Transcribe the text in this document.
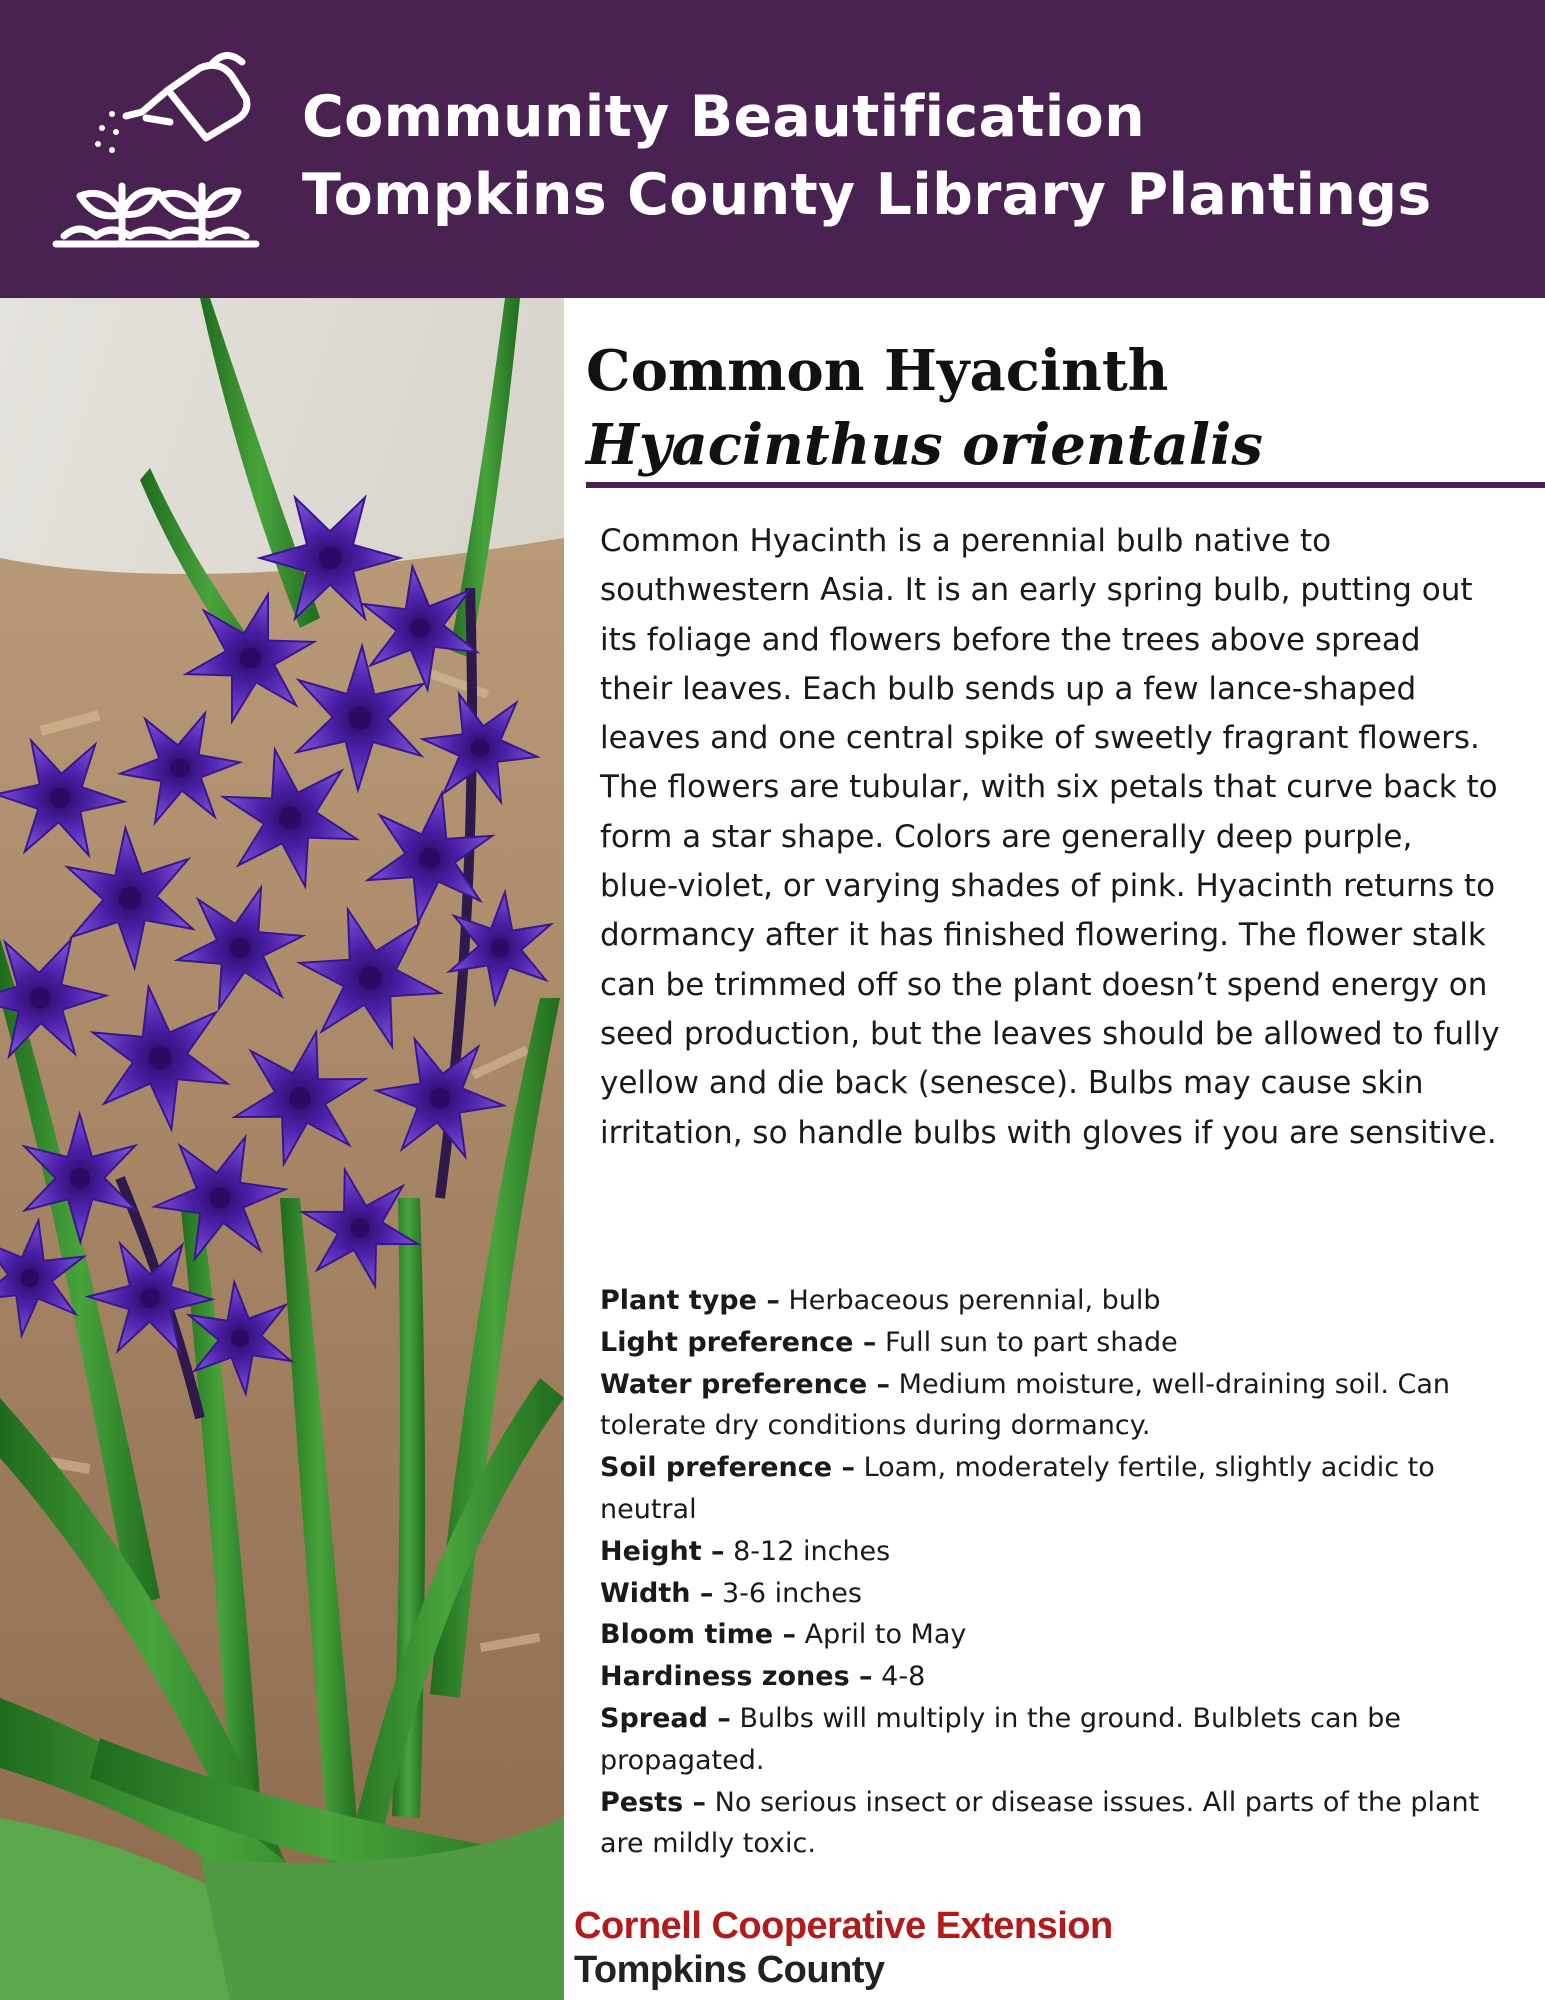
Community Beautification
Tompkins County Library Plantings
Common Hyacinth
Hyacinthus orientalis

Common Hyacinth is a perennial bulb native to southwestern Asia. It is an early spring bulb, putting out its foliage and flowers before the trees above spread their leaves. Each bulb sends up a few lance-shaped leaves and one central spike of sweetly fragrant flowers. The flowers are tubular, with six petals that curve back to form a star shape. Colors are generally deep purple, blue-violet, or varying shades of pink. Hyacinth returns to dormancy after it has finished flowering. The flower stalk can be trimmed off so the plant doesn’t spend energy on seed production, but the leaves should be allowed to fully yellow and die back (senesce). Bulbs may cause skin irritation, so handle bulbs with gloves if you are sensitive.

Plant type – Herbaceous perennial, bulb
Light preference – Full sun to part shade
Water preference – Medium moisture, well-draining soil. Can tolerate dry conditions during dormancy.
Soil preference – Loam, moderately fertile, slightly acidic to neutral
Height – 8-12 inches
Width – 3-6 inches
Bloom time – April to May
Hardiness zones – 4-8
Spread – Bulbs will multiply in the ground. Bulblets can be propagated.
Pests – No serious insect or disease issues. All parts of the plant are mildly toxic.
Cornell Cooperative Extension
Tompkins County
